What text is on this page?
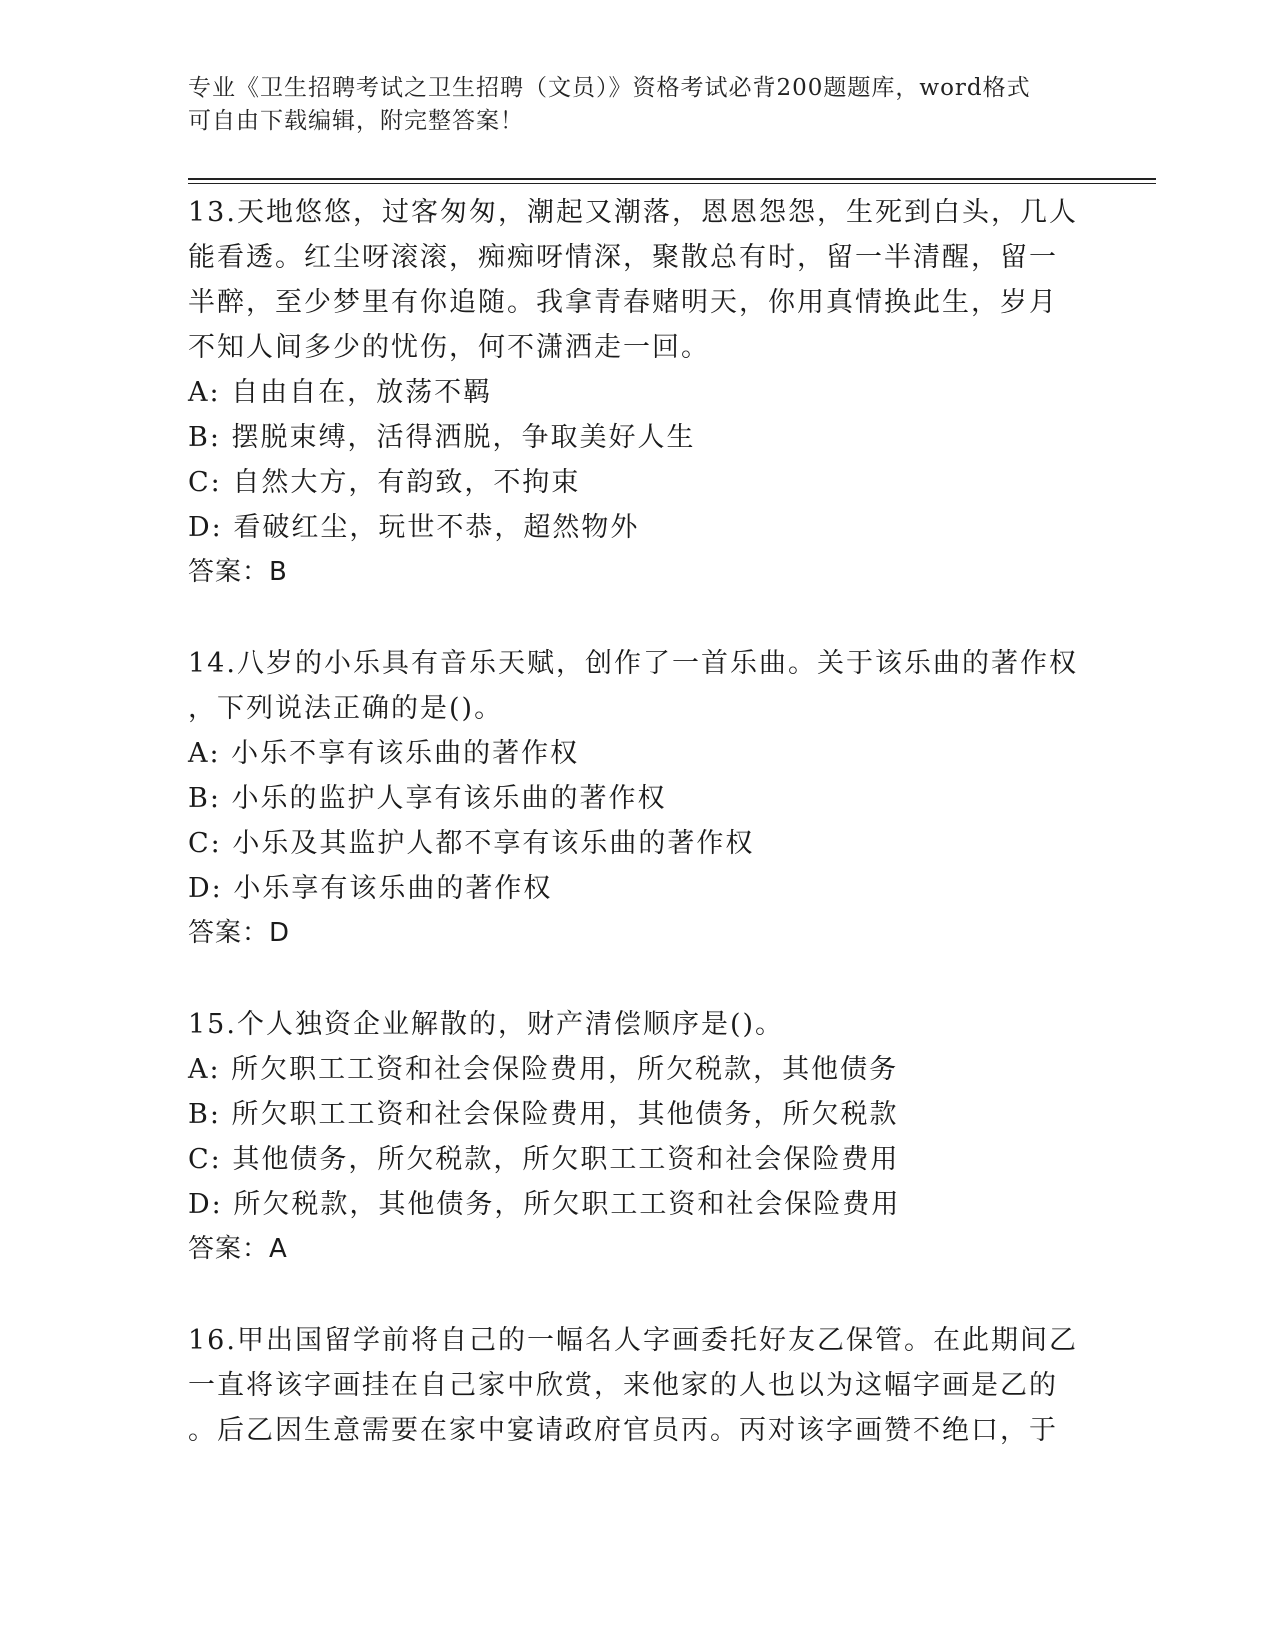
专业《卫生招聘考试之卫生招聘（文员）》资格考试必背200题题库，word格式
可自由下载编辑，附完整答案！

13.天地悠悠，过客匆匆，潮起又潮落，恩恩怨怨，生死到白头，几人

能看透。红尘呀滚滚，痴痴呀情深，聚散总有时，留一半清醒，留一

半醉，至少梦里有你追随。我拿青春赌明天，你用真情换此生，岁月

不知人间多少的忧伤，何不潇洒走一回。

A: 自由自在，放荡不羁

B: 摆脱束缚，活得洒脱，争取美好人生

C: 自然大方，有韵致，不拘束

D: 看破红尘，玩世不恭，超然物外

答案：B

14.八岁的小乐具有音乐天赋，创作了一首乐曲。关于该乐曲的著作权

，下列说法正确的是()。

A: 小乐不享有该乐曲的著作权

B: 小乐的监护人享有该乐曲的著作权

C: 小乐及其监护人都不享有该乐曲的著作权

D: 小乐享有该乐曲的著作权

答案：D

15.个人独资企业解散的，财产清偿顺序是()。

A: 所欠职工工资和社会保险费用，所欠税款，其他债务

B: 所欠职工工资和社会保险费用，其他债务，所欠税款

C: 其他债务，所欠税款，所欠职工工资和社会保险费用

D: 所欠税款，其他债务，所欠职工工资和社会保险费用

答案：A

16.甲出国留学前将自己的一幅名人字画委托好友乙保管。在此期间乙

一直将该字画挂在自己家中欣赏，来他家的人也以为这幅字画是乙的

。后乙因生意需要在家中宴请政府官员丙。丙对该字画赞不绝口，于
